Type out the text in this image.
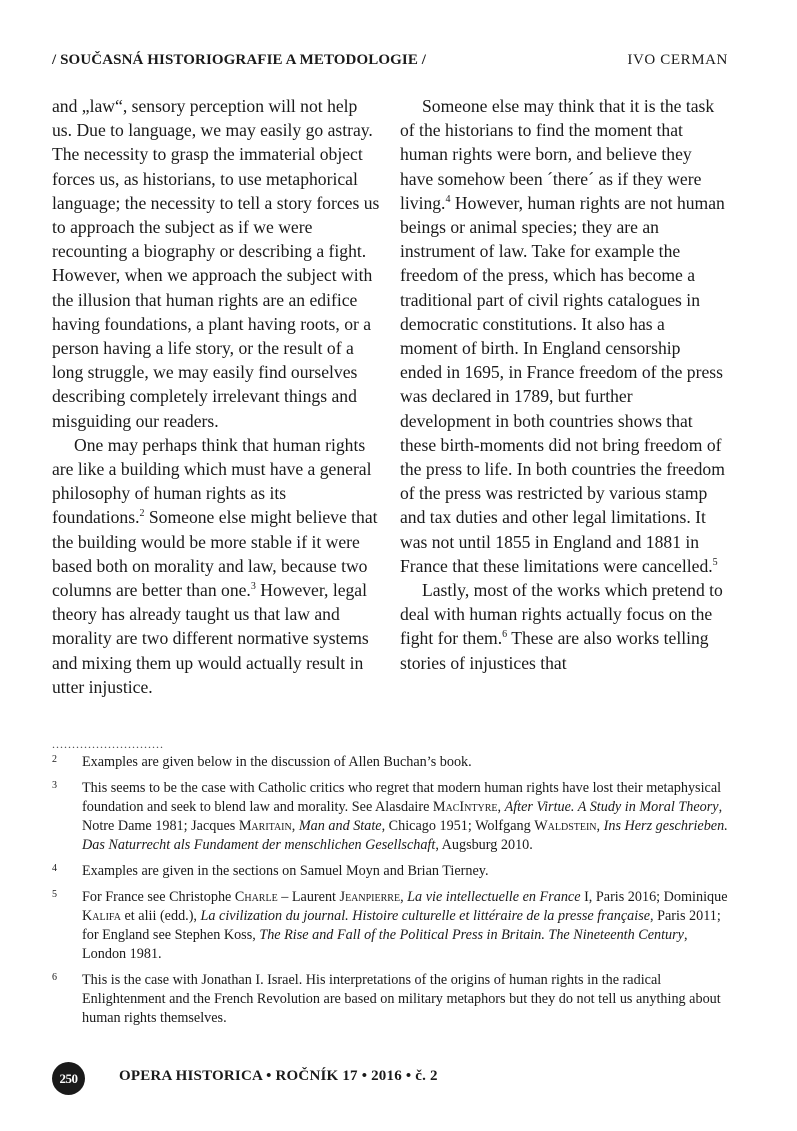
/ SOUČASNÁ HISTORIOGRAFIE A METODOLOGIE /	IVO CERMAN

and „law“, sensory perception will not help us. Due to language, we may easily go astray. The necessity to grasp the immaterial object forces us, as historians, to use metaphorical language; the necessity to tell a story forces us to approach the subject as if we were recounting a biography or describing a fight. However, when we approach the subject with the illusion that human rights are an edifice having foundations, a plant having roots, or a person having a life story, or the result of a long struggle, we may easily find ourselves describing completely irrelevant things and misguiding our readers.

One may perhaps think that human rights are like a building which must have a general philosophy of human rights as its foundations.$^2$ Someone else might believe that the building would be more stable if it were based both on morality and law, because two columns are better than one.$^3$ However, legal theory has already taught us that law and morality are two different normative systems and mixing them up would actually result in utter injustice.

Someone else may think that it is the task of the historians to find the moment that human rights were born, and believe they have somehow been ´there´ as if they were living.$^4$ However, human rights are not human beings or animal species; they are an instrument of law. Take for example the freedom of the press, which has become a traditional part of civil rights catalogues in democratic constitutions. It also has a moment of birth. In England censorship ended in 1695, in France freedom of the press was declared in 1789, but further development in both countries shows that these birth-moments did not bring freedom of the press to life. In both countries the freedom of the press was restricted by various stamp and tax duties and other legal limitations. It was not until 1855 in England and 1881 in France that these limitations were cancelled.$^5$

Lastly, most of the works which pretend to deal with human rights actually focus on the fight for them.$^6$ These are also works telling stories of injustices that

............................
2 Examples are given below in the discussion of Allen Buchan’s book.
3 This seems to be the case with Catholic critics who regret that modern human rights have lost their metaphysical foundation and seek to blend law and morality. See Alasdaire MacIntyre, After Virtue. A Study in Moral Theory, Notre Dame 1981; Jacques Maritain, Man and State, Chicago 1951; Wolfgang Waldstein, Ins Herz geschrieben. Das Naturrecht als Fundament der menschlichen Gesellschaft, Augsburg 2010.
4 Examples are given in the sections on Samuel Moyn and Brian Tierney.
5 For France see Christophe Charle – Laurent Jeanpierre, La vie intellectuelle en France I, Paris 2016; Dominique Kalifa et alii (edd.), La civilization du journal. Histoire culturelle et littéraire de la presse française, Paris 2011; for England see Stephen Koss, The Rise and Fall of the Political Press in Britain. The Nineteenth Century, London 1981.
6 This is the case with Jonathan I. Israel. His interpretations of the origins of human rights in the radical Enlightenment and the French Revolution are based on military metaphors but they do not tell us anything about human rights themselves.
250	OPERA HISTORICA • ROČNÍK 17 • 2016 • č. 2
